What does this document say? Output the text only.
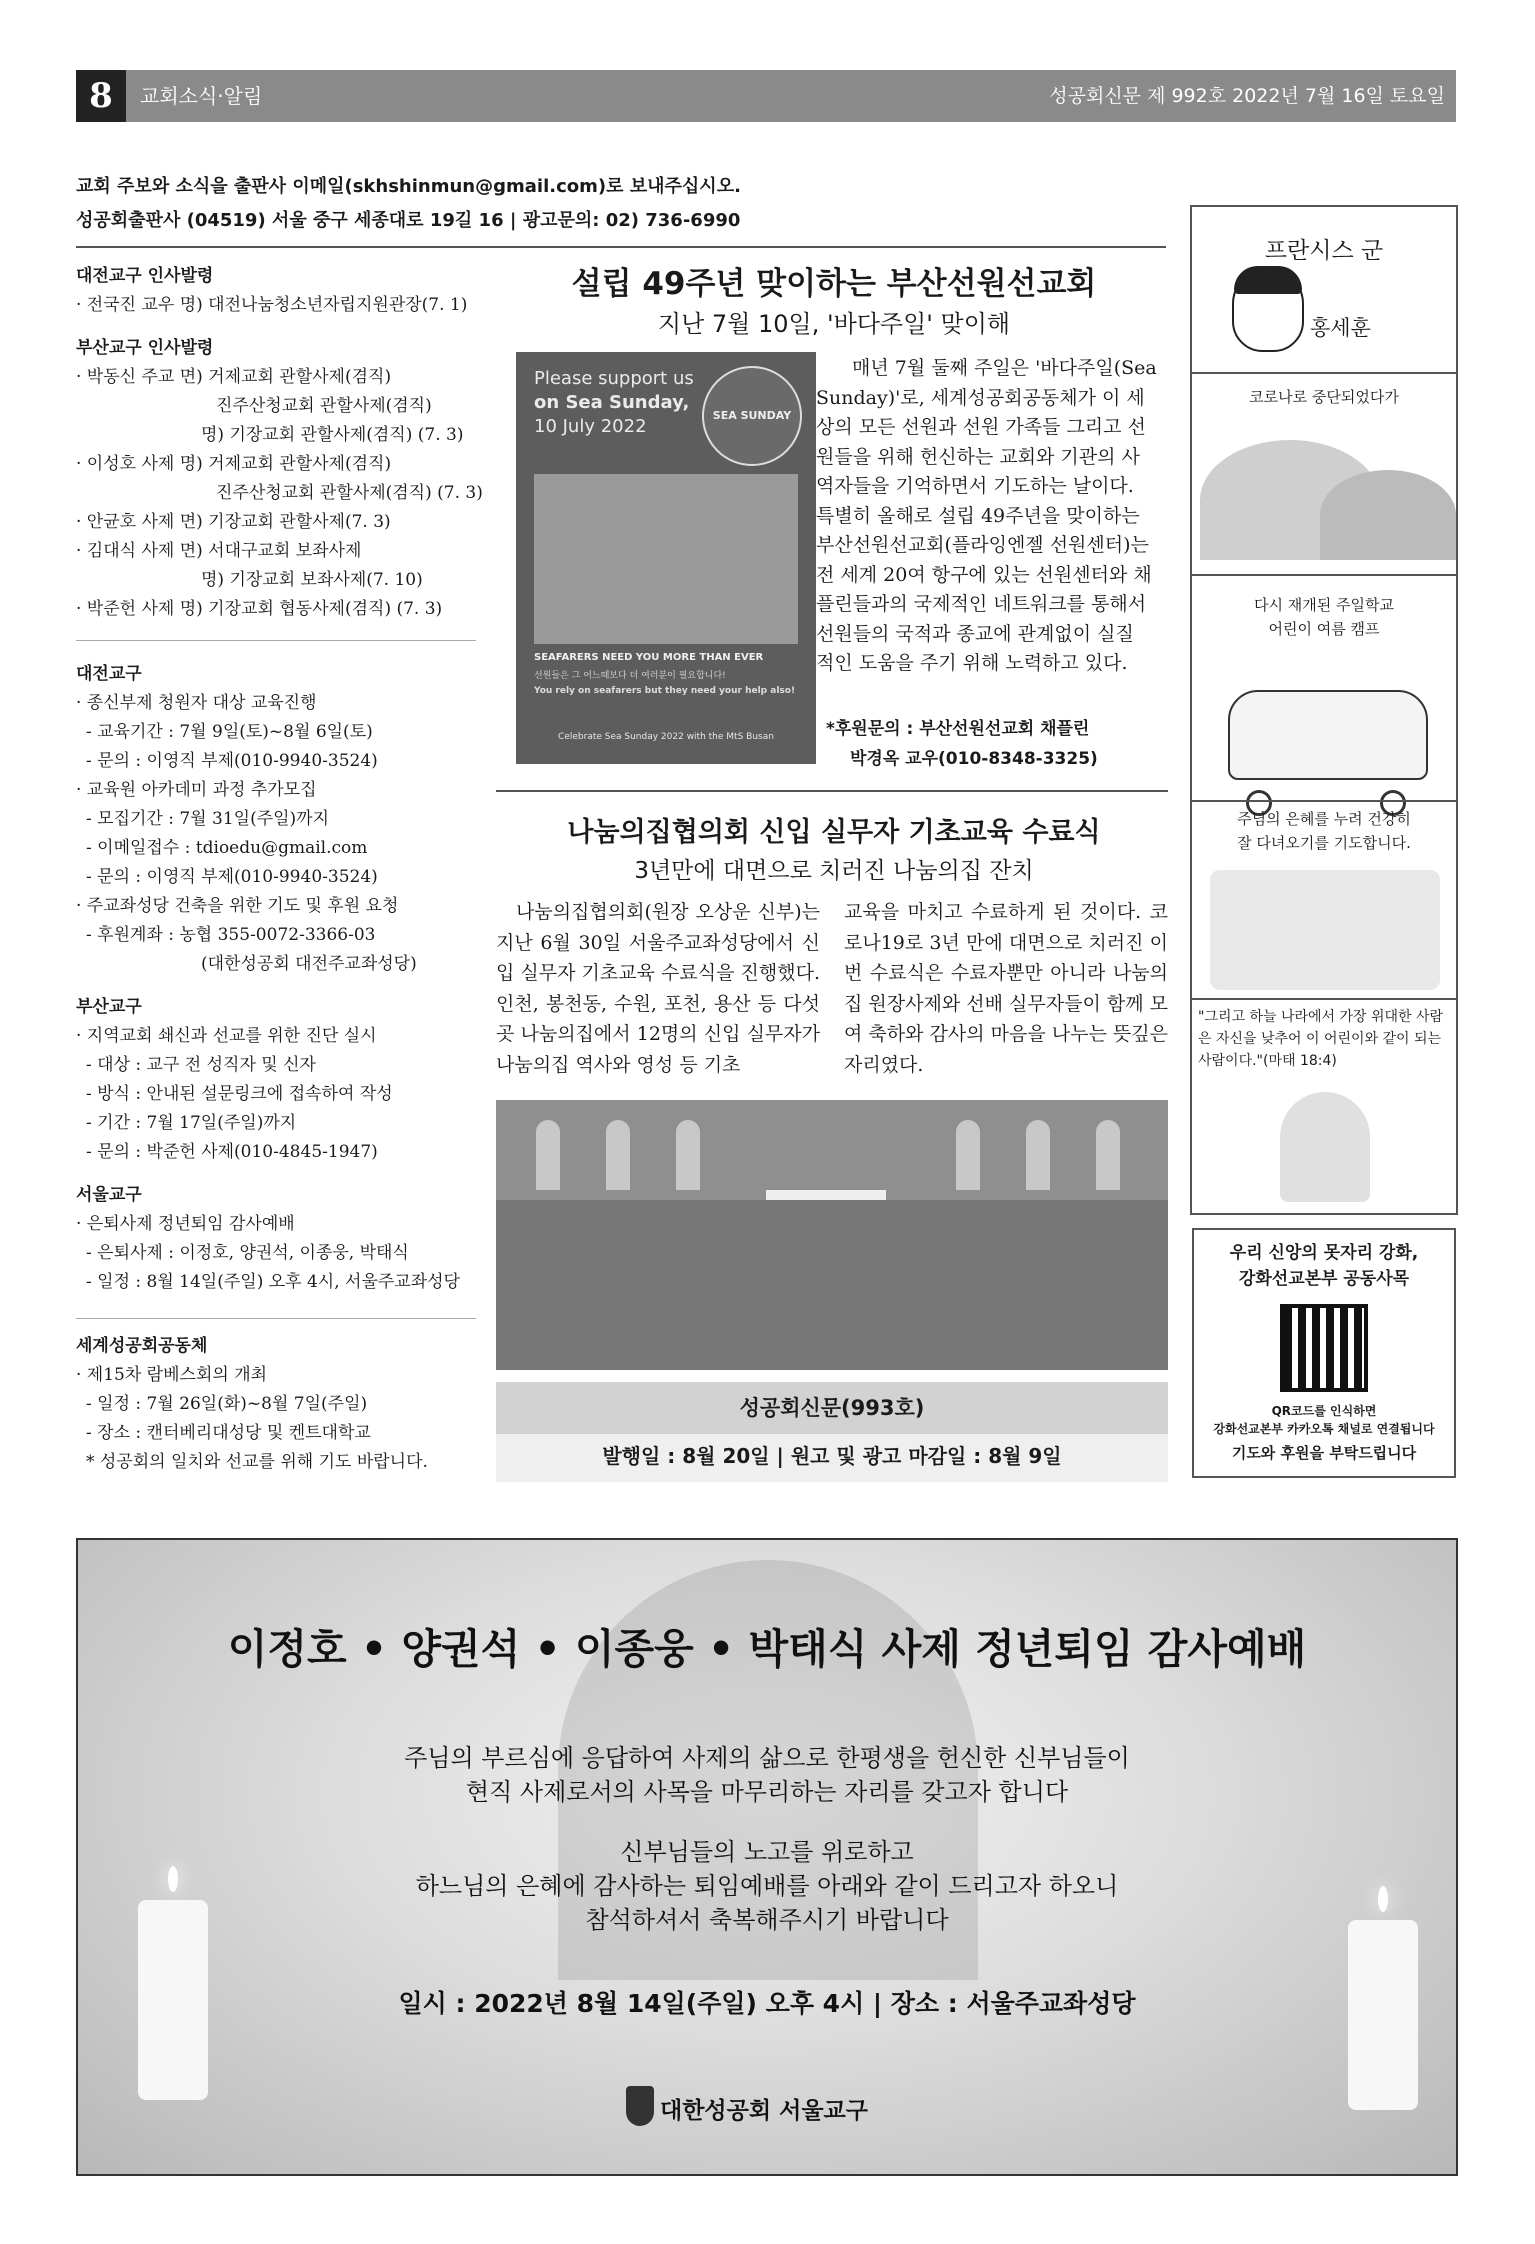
8	교회소식·알림	성공회신문 제 992호 2022년 7월 16일 토요일
교회 주보와 소식을 출판사 이메일(skhshinmun@gmail.com)로 보내주십시오.
성공회출판사 (04519) 서울 중구 세종대로 19길 16 | 광고문의: 02) 736-6990
대전교구 인사발령
· 전국진 교우 명) 대전나눔청소년자립지원관장(7. 1)
부산교구 인사발령
· 박동신 주교 면) 거제교회 관할사제(겸직)
진주산청교회 관할사제(겸직)
명) 기장교회 관할사제(겸직) (7. 3)
· 이성호 사제 명) 거제교회 관할사제(겸직)
진주산청교회 관할사제(겸직) (7. 3)
· 안균호 사제 면) 기장교회 관할사제(7. 3)
· 김대식 사제 면) 서대구교회 보좌사제
명) 기장교회 보좌사제(7. 10)
· 박준헌 사제 명) 기장교회 협동사제(겸직) (7. 3)
대전교구
· 종신부제 청원자 대상 교육진행
- 교육기간 : 7월 9일(토)~8월 6일(토)
- 문의 : 이영직 부제(010-9940-3524)
· 교육원 아카데미 과정 추가모집
- 모집기간 : 7월 31일(주일)까지
- 이메일접수 : tdioedu@gmail.com
- 문의 : 이영직 부제(010-9940-3524)
· 주교좌성당 건축을 위한 기도 및 후원 요청
- 후원계좌 : 농협 355-0072-3366-03
(대한성공회 대전주교좌성당)
부산교구
· 지역교회 쇄신과 선교를 위한 진단 실시
- 대상 : 교구 전 성직자 및 신자
- 방식 : 안내된 설문링크에 접속하여 작성
- 기간 : 7월 17일(주일)까지
- 문의 : 박준헌 사제(010-4845-1947)
서울교구
· 은퇴사제 정년퇴임 감사예배
- 은퇴사제 : 이정호, 양권석, 이종웅, 박태식
- 일정 : 8월 14일(주일) 오후 4시, 서울주교좌성당
세계성공회공동체
· 제15차 람베스회의 개최
- 일정 : 7월 26일(화)~8월 7일(주일)
- 장소 : 캔터베리대성당 및 켄트대학교
* 성공회의 일치와 선교를 위해 기도 바랍니다.
설립 49주년 맞이하는 부산선원선교회
지난 7월 10일, '바다주일' 맞이해
Please support us
on Sea Sunday,
10 July 2022
SEA SUNDAY
SEAFARERS NEED YOU MORE THAN EVER
선원들은 그 어느때보다 더 여러분이 필요합니다!
You rely on seafarers but they need your help also!
Celebrate Sea Sunday 2022 with the MtS Busan
매년 7월 둘째 주일은 '바다주일(Sea
Sunday)'로, 세계성공회공동체가 이 세
상의 모든 선원과 선원 가족들 그리고 선
원들을 위해 헌신하는 교회와 기관의 사
역자들을 기억하면서 기도하는 날이다.
특별히 올해로 설립 49주년을 맞이하는
부산선원선교회(플라잉엔젤 선원센터)는
전 세계 20여 항구에 있는 선원센터와 채
플린들과의 국제적인 네트워크를 통해서
선원들의 국적과 종교에 관계없이 실질
적인 도움을 주기 위해 노력하고 있다.
*후원문의 : 부산선원선교회 채플린
박경옥 교우(010-8348-3325)
나눔의집협의회 신입 실무자 기초교육 수료식
3년만에 대면으로 치러진 나눔의집 잔치
나눔의집협의회(원장 오상운 신부)는 지난 6월 30일 서울주교좌성당에서 신입 실무자 기초교육 수료식을 진행했다. 인천, 봉천동, 수원, 포천, 용산 등 다섯 곳 나눔의집에서 12명의 신입 실무자가 나눔의집 역사와 영성 등 기초
교육을 마치고 수료하게 된 것이다. 코로나19로 3년 만에 대면으로 치러진 이번 수료식은 수료자뿐만 아니라 나눔의집 원장사제와 선배 실무자들이 함께 모여 축하와 감사의 마음을 나누는 뜻깊은 자리였다.
성공회신문(993호)
발행일 : 8월 20일 | 원고 및 광고 마감일 : 8월 9일
프란시스 군
홍세훈
코로나로 중단되었다가
다시 재개된 주일학교
어린이 여름 캠프
주님의 은혜를 누려 건강히
잘 다녀오기를 기도합니다.
"그리고 하늘 나라에서 가장 위대한 사람은 자신을 낮추어 이 어린이와 같이 되는 사람이다."(마태 18:4)
우리 신앙의 못자리 강화,
강화선교본부 공동사목
QR코드를 인식하면
강화선교본부 카카오톡 채널로 연결됩니다
기도와 후원을 부탁드립니다
이정호 • 양권석 • 이종웅 • 박태식 사제 정년퇴임 감사예배
주님의 부르심에 응답하여 사제의 삶으로 한평생을 헌신한 신부님들이
현직 사제로서의 사목을 마무리하는 자리를 갖고자 합니다
신부님들의 노고를 위로하고
하느님의 은혜에 감사하는 퇴임예배를 아래와 같이 드리고자 하오니
참석하셔서 축복해주시기 바랍니다
일시 : 2022년 8월 14일(주일) 오후 4시 | 장소 : 서울주교좌성당
대한성공회 서울교구
